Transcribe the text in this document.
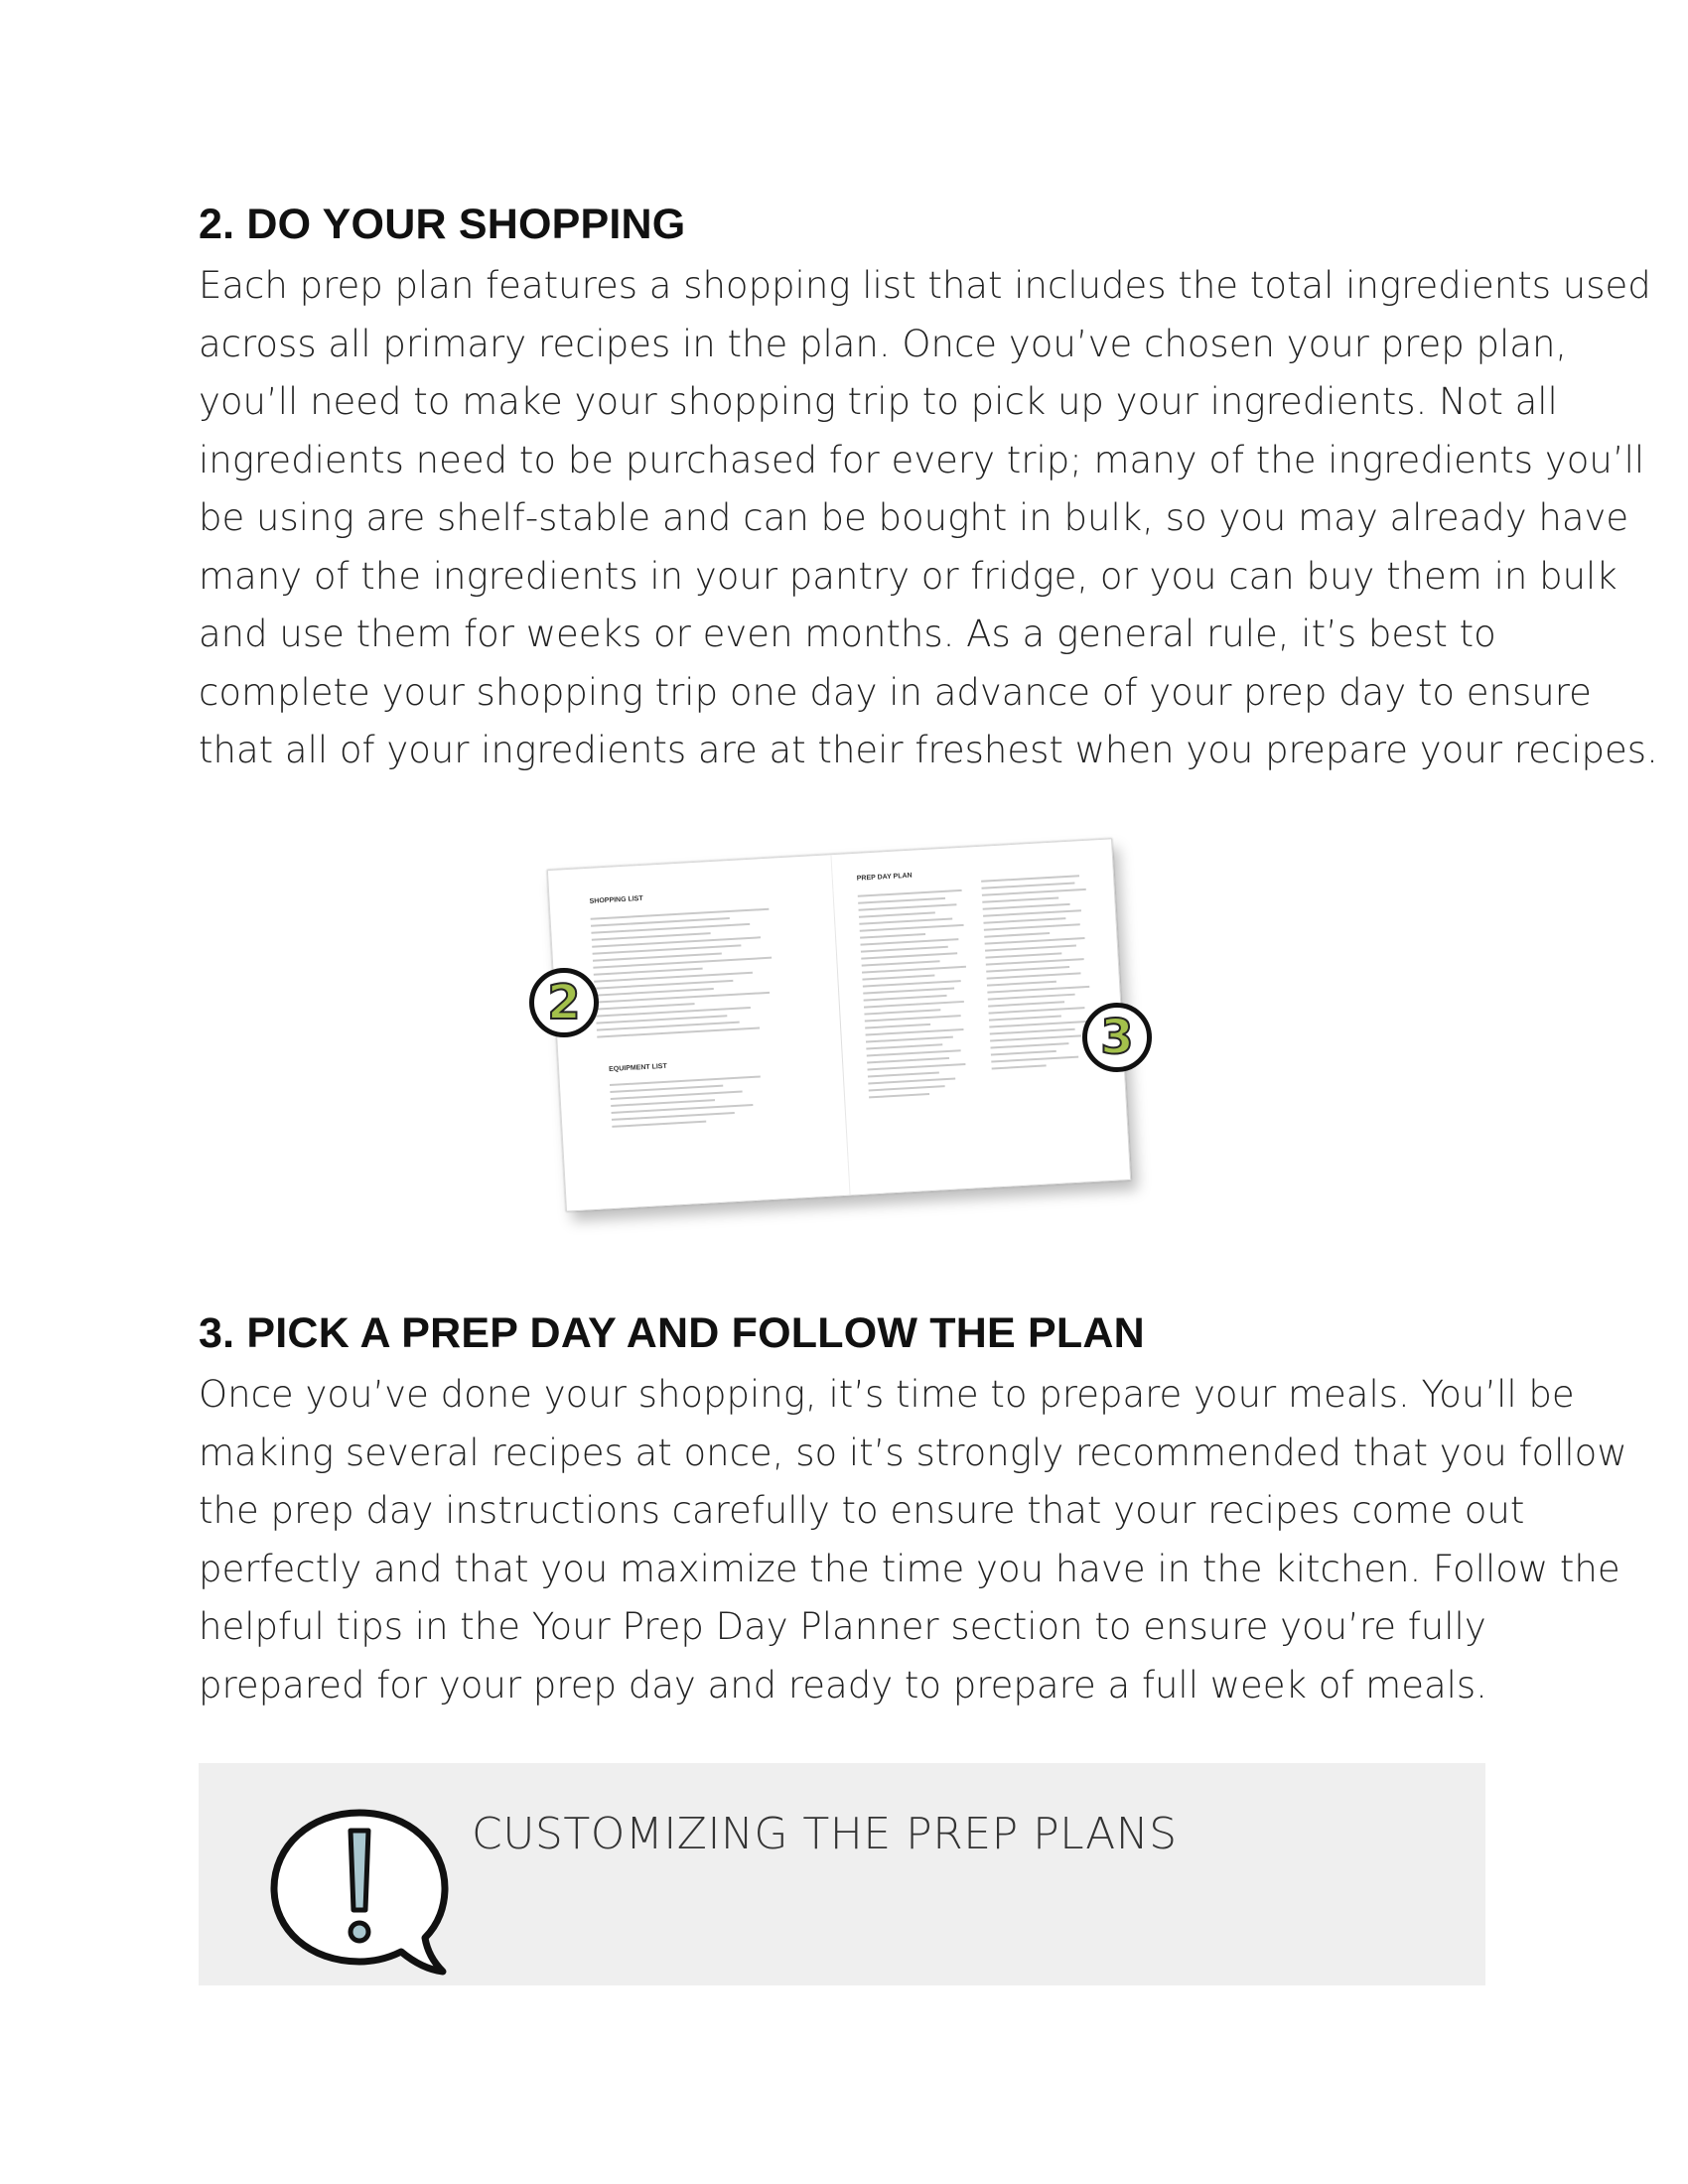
2. DO YOUR SHOPPING

Each prep plan features a shopping list that includes the total ingredients used
across all primary recipes in the plan. Once you’ve chosen your prep plan,
you’ll need to make your shopping trip to pick up your ingredients. Not all
ingredients need to be purchased for every trip; many of the ingredients you’ll
be using are shelf-stable and can be bought in bulk, so you may already have
many of the ingredients in your pantry or fridge, or you can buy them in bulk
and use them for weeks or even months. As a general rule, it’s best to
complete your shopping trip one day in advance of your prep day to ensure
that all of your ingredients are at their freshest when you prepare your recipes.

SHOPPING LIST
EQUIPMENT LIST
PREP DAY PLAN
2
3
3. PICK A PREP DAY AND FOLLOW THE PLAN

Once you’ve done your shopping, it’s time to prepare your meals. You’ll be
making several recipes at once, so it’s strongly recommended that you follow
the prep day instructions carefully to ensure that your recipes come out
perfectly and that you maximize the time you have in the kitchen. Follow the
helpful tips in the Your Prep Day Planner section to ensure you’re fully
prepared for your prep day and ready to prepare a full week of meals.

CUSTOMIZING THE PREP PLANS
